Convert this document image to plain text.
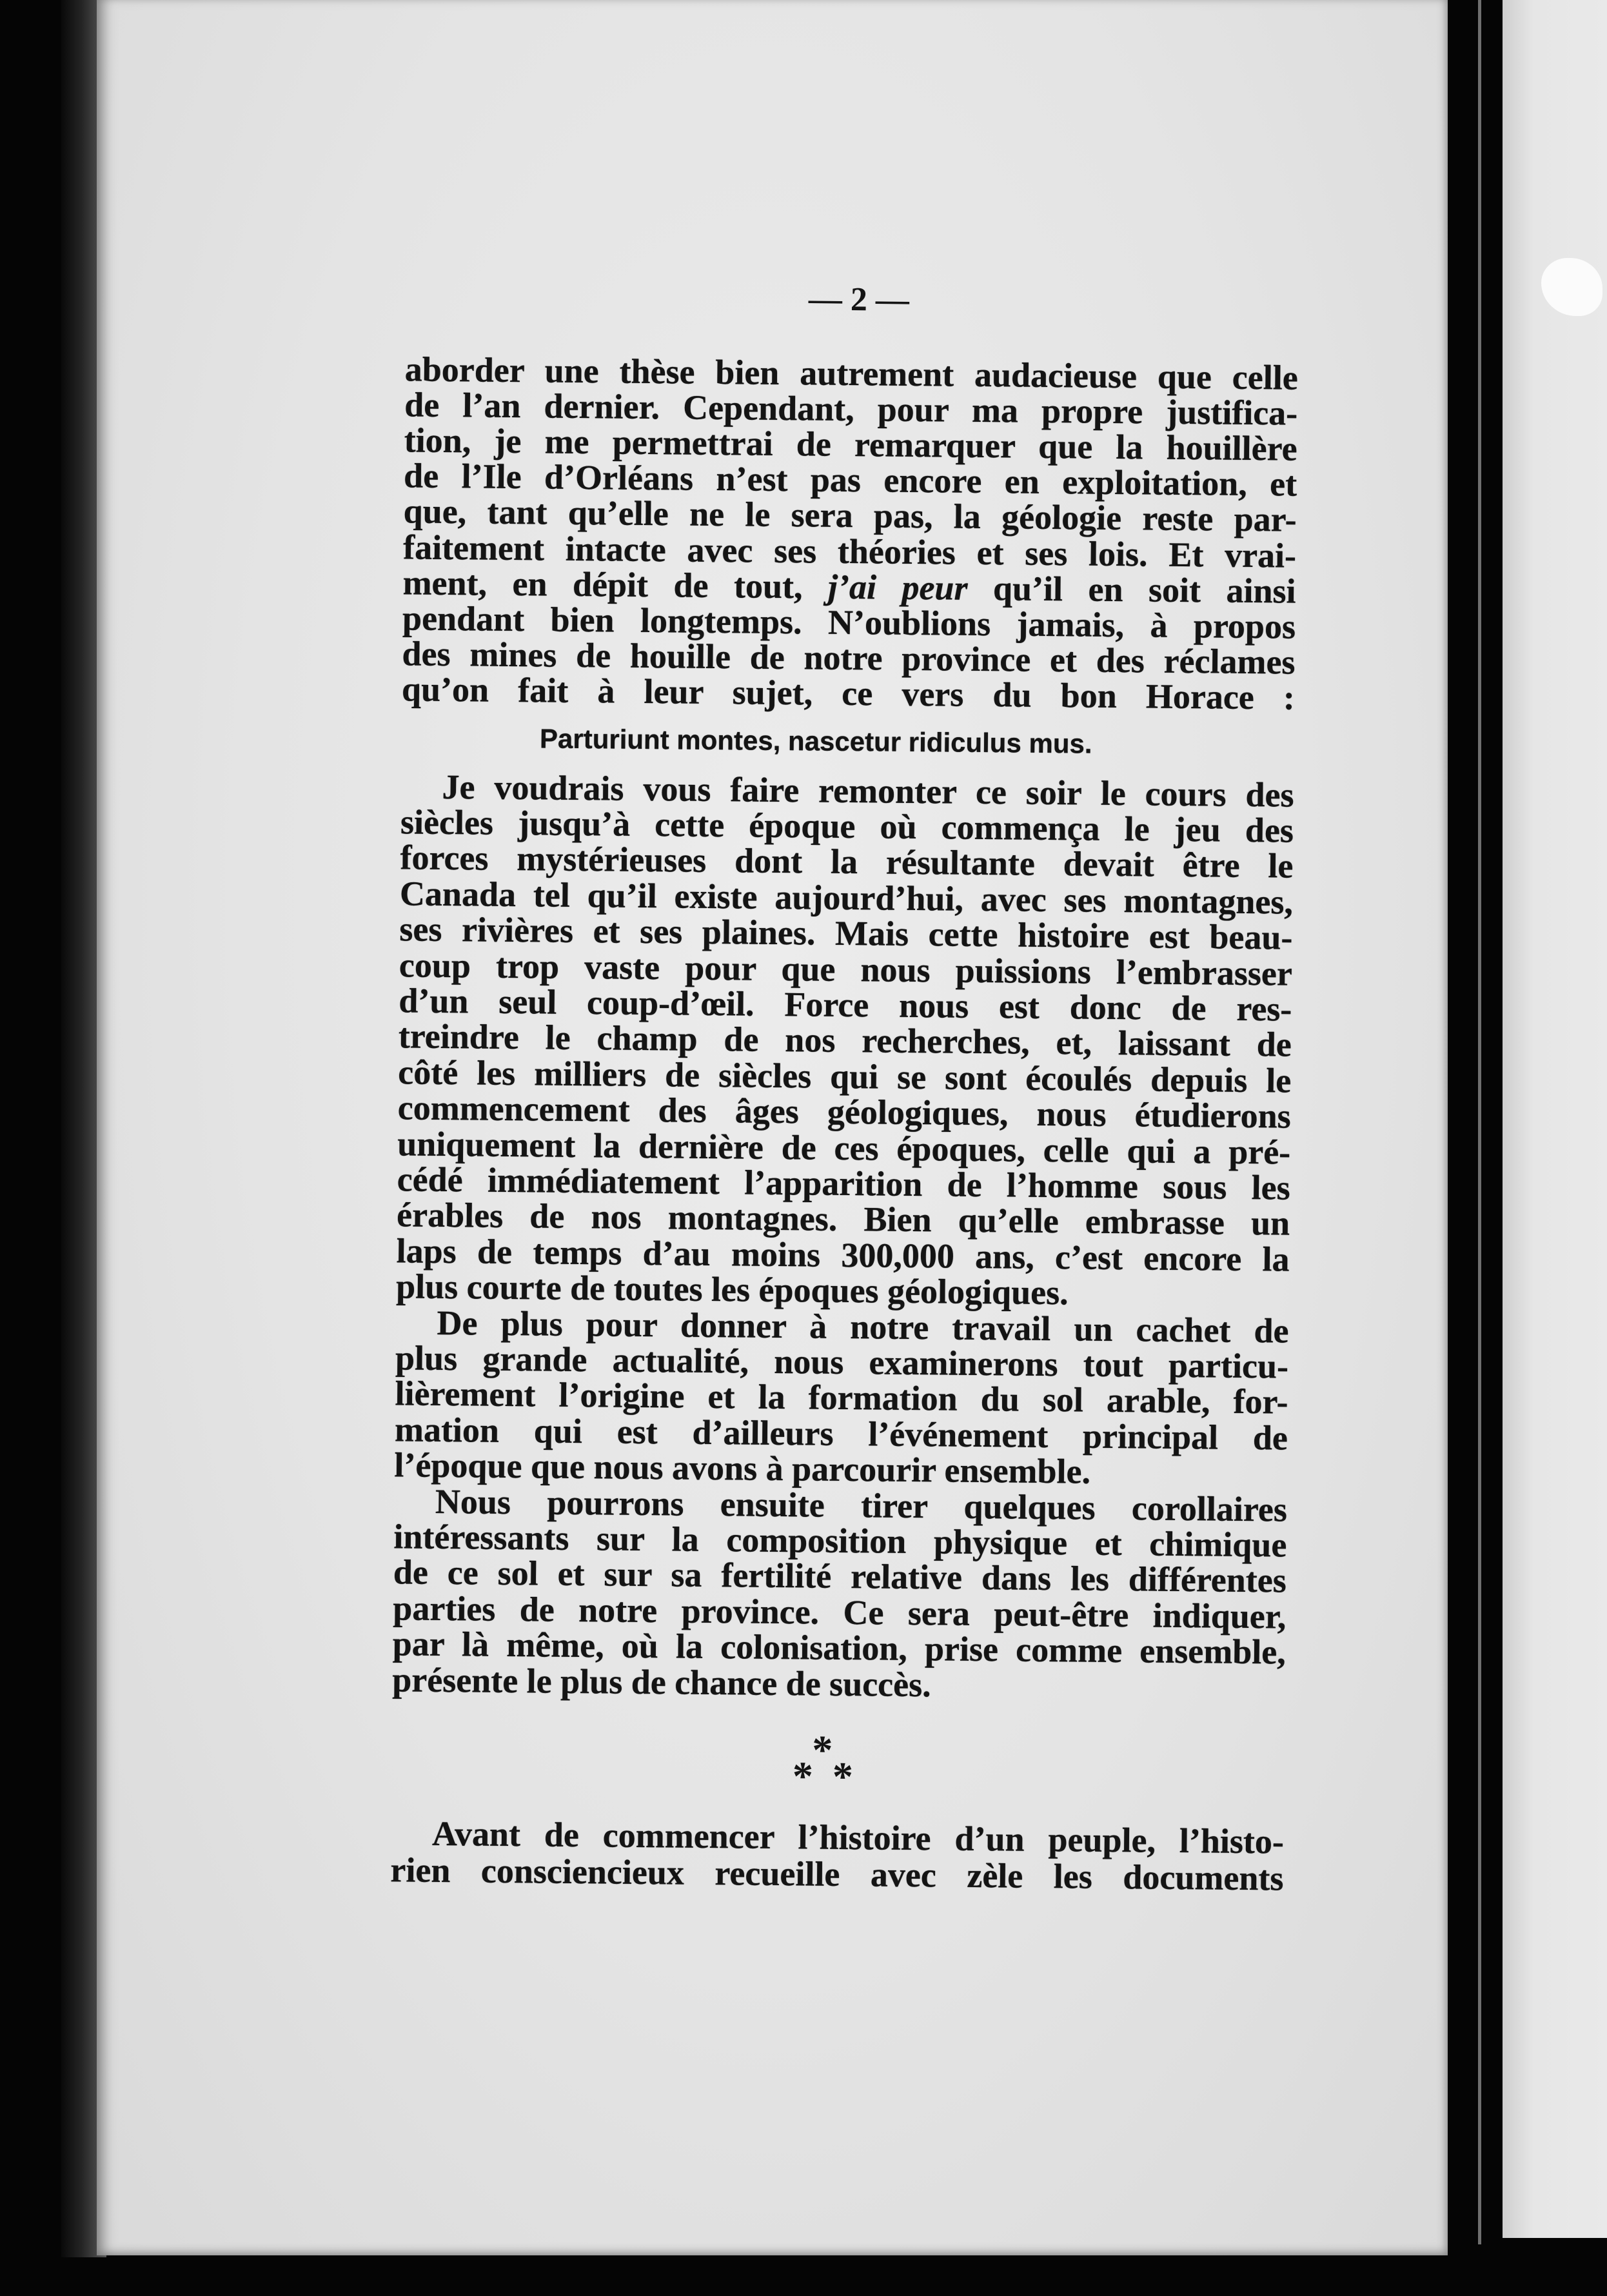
— 2 —
aborder une thèse bien autrement audacieuse que celle
de l’an dernier. Cependant, pour ma propre justifica-
tion, je me permettrai de remarquer que la houillère
de l’Ile d’Orléans n’est pas encore en exploitation, et
que, tant qu’elle ne le sera pas, la géologie reste par-
faitement intacte avec ses théories et ses lois. Et vrai-
ment, en dépit de tout, j’ai peur qu’il en soit ainsi
pendant bien longtemps. N’oublions jamais, à propos
des mines de houille de notre province et des réclames
qu’on fait à leur sujet, ce vers du bon Horace :
Parturiunt montes, nascetur ridiculus mus.
Je voudrais vous faire remonter ce soir le cours des
siècles jusqu’à cette époque où commença le jeu des
forces mystérieuses dont la résultante devait être le
Canada tel qu’il existe aujourd’hui, avec ses montagnes,
ses rivières et ses plaines. Mais cette histoire est beau-
coup trop vaste pour que nous puissions l’embrasser
d’un seul coup-d’œil. Force nous est donc de res-
treindre le champ de nos recherches, et, laissant de
côté les milliers de siècles qui se sont écoulés depuis le
commencement des âges géologiques, nous étudierons
uniquement la dernière de ces époques, celle qui a pré-
cédé immédiatement l’apparition de l’homme sous les
érables de nos montagnes. Bien qu’elle embrasse un
laps de temps d’au moins 300,000 ans, c’est encore la
plus courte de toutes les époques géologiques.
De plus pour donner à notre travail un cachet de
plus grande actualité, nous examinerons tout particu-
lièrement l’origine et la formation du sol arable, for-
mation qui est d’ailleurs l’événement principal de
l’époque que nous avons à parcourir ensemble.
Nous pourrons ensuite tirer quelques corollaires
intéressants sur la composition physique et chimique
de ce sol et sur sa fertilité relative dans les différentes
parties de notre province. Ce sera peut-être indiquer,
par là même, où la colonisation, prise comme ensemble,
présente le plus de chance de succès.
*
* *
Avant de commencer l’histoire d’un peuple, l’histo-
rien consciencieux recueille avec zèle les documents
